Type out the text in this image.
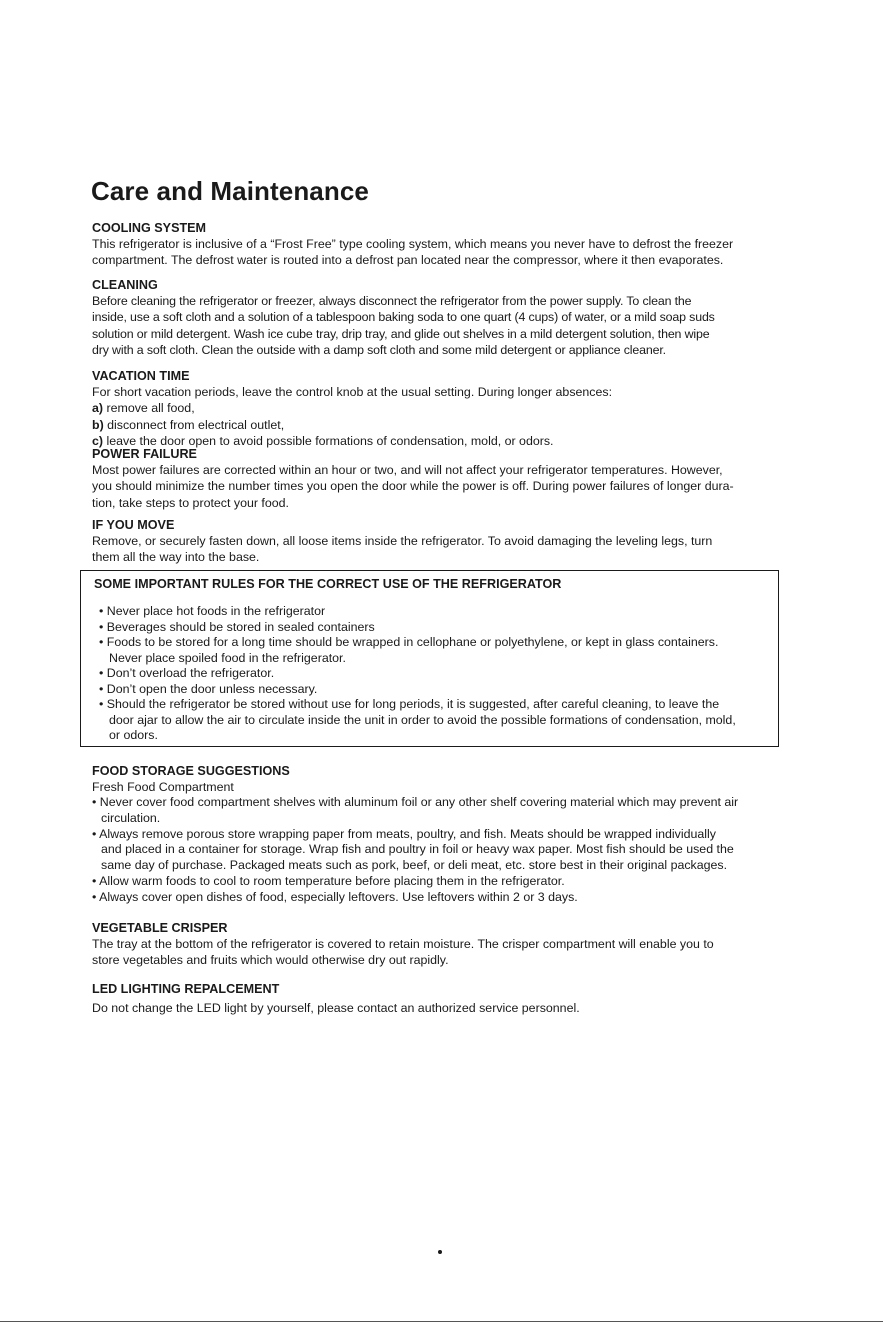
Care and Maintenance
COOLING SYSTEM

This refrigerator is inclusive of a “Frost Free” type cooling system, which means you never have to defrost the freezer
compartment. The defrost water is routed into a defrost pan located near the compressor, where it then evaporates.

CLEANING

Before cleaning the refrigerator or freezer, always disconnect the refrigerator from the power supply. To clean the
inside, use a soft cloth and a solution of a tablespoon baking soda to one quart (4 cups) of water, or a mild soap suds
solution or mild detergent. Wash ice cube tray, drip tray, and glide out shelves in a mild detergent solution, then wipe
dry with a soft cloth. Clean the outside with a damp soft cloth and some mild detergent or appliance cleaner.

VACATION TIME

For short vacation periods, leave the control knob at the usual setting. During longer absences:

a) remove all food,
b) disconnect from electrical outlet,
c) leave the door open to avoid possible formations of condensation, mold, or odors.
POWER FAILURE

Most power failures are corrected within an hour or two, and will not affect your refrigerator temperatures. However,
you should minimize the number times you open the door while the power is off. During power failures of longer dura-
tion, take steps to protect your food.

IF YOU MOVE

Remove, or securely fasten down, all loose items inside the refrigerator. To avoid damaging the leveling legs, turn
them all the way into the base.

SOME IMPORTANT RULES FOR THE CORRECT USE OF THE REFRIGERATOR
• Never place hot foods in the refrigerator
• Beverages should be stored in sealed containers
• Foods to be stored for a long time should be wrapped in cellophane or polyethylene, or kept in glass containers.
Never place spoiled food in the refrigerator.
• Don’t overload the refrigerator.
• Don’t open the door unless necessary.
• Should the refrigerator be stored without use for long periods, it is suggested, after careful cleaning, to leave the
door ajar to allow the air to circulate inside the unit in order to avoid the possible formations of condensation, mold,
or odors.
FOOD STORAGE SUGGESTIONS

Fresh Food Compartment

• Never cover food compartment shelves with aluminum foil or any other shelf covering material which may prevent air
circulation.
• Always remove porous store wrapping paper from meats, poultry, and fish. Meats should be wrapped individually
and placed in a container for storage. Wrap fish and poultry in foil or heavy wax paper. Most fish should be used the
same day of purchase. Packaged meats such as pork, beef, or deli meat, etc. store best in their original packages.
• Allow warm foods to cool to room temperature before placing them in the refrigerator.
• Always cover open dishes of food, especially leftovers. Use leftovers within 2 or 3 days.
VEGETABLE CRISPER

The tray at the bottom of the refrigerator is covered to retain moisture. The crisper compartment will enable you to
store vegetables and fruits which would otherwise dry out rapidly.

LED LIGHTING REPALCEMENT

Do not change the LED light by yourself, please contact an authorized service personnel.
